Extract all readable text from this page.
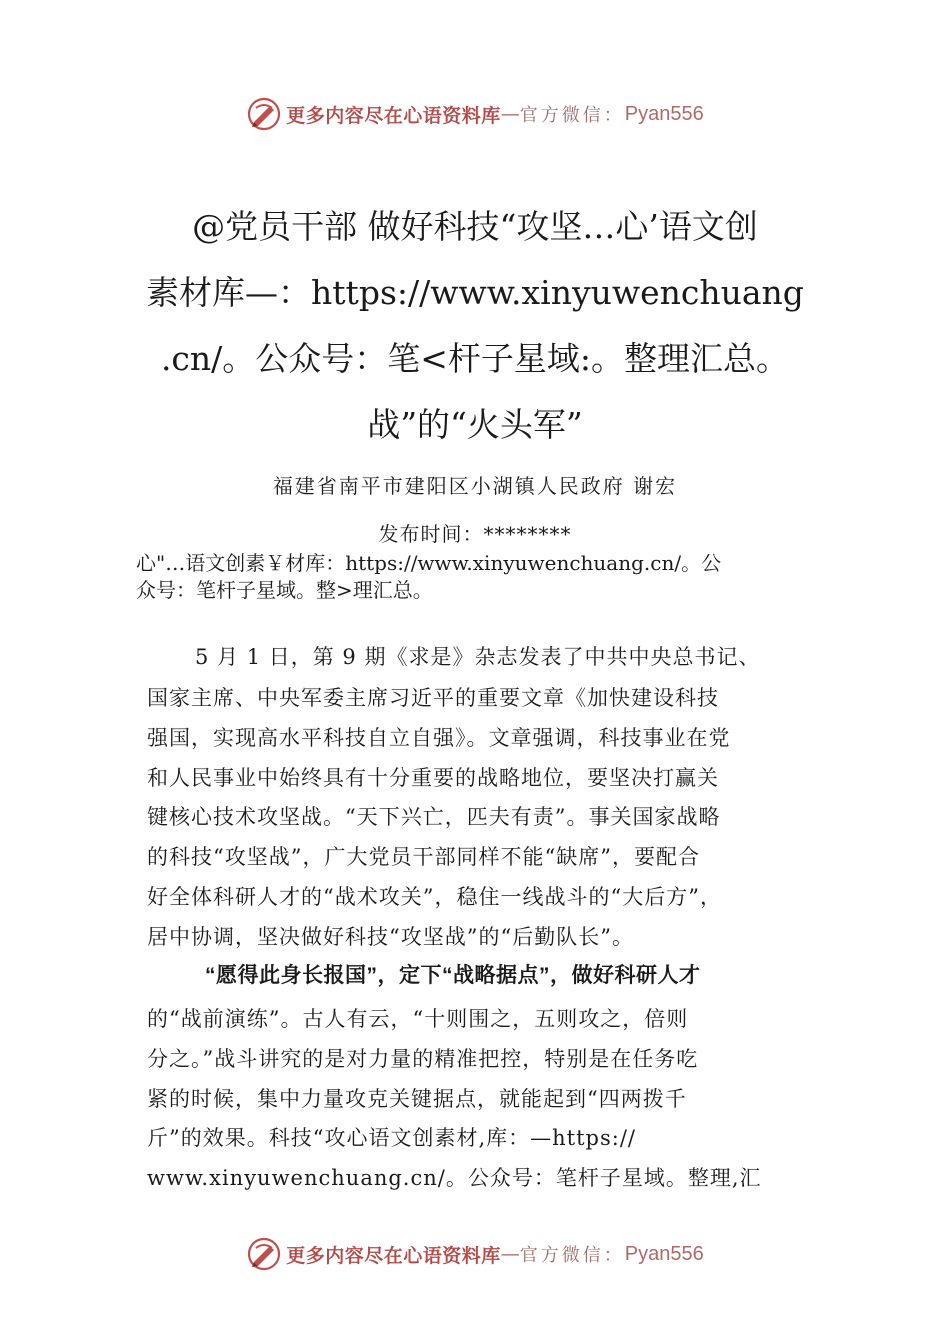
更多内容尽在心语资料库 — 官方微信： Pyan556
@党员干部 做好科技“攻坚…心’语文创
素材库—：https://www.xinyuwenchuang
.cn/。公众号：笔<杆子星域:。整理汇总。
战”的“火头军”
福建省南平市建阳区小湖镇人民政府 谢宏
发布时间：********
心"…语文创素￥材库：https://www.xinyuwenchuang.cn/。公
众号：笔杆子星域。整>理汇总。
5 月 1 日，第 9 期《求是》杂志发表了中共中央总书记、
国家主席、中央军委主席习近平的重要文章《加快建设科技
强国，实现高水平科技自立自强》。文章强调，科技事业在党
和人民事业中始终具有十分重要的战略地位，要坚决打赢关
键核心技术攻坚战。“天下兴亡，匹夫有责”。事关国家战略
的科技“攻坚战”，广大党员干部同样不能“缺席”，要配合
好全体科研人才的“战术攻关”，稳住一线战斗的“大后方”，
居中协调，坚决做好科技“攻坚战”的“后勤队长”。
“愿得此身长报国”，定下“战略据点”，做好科研人才
的“战前演练”。古人有云，“十则围之，五则攻之，倍则
分之。”战斗讲究的是对力量的精准把控，特别是在任务吃
紧的时候，集中力量攻克关键据点，就能起到“四两拨千
斤”的效果。科技“攻心语文创素材,库：—https://
www.xinyuwenchuang.cn/。公众号：笔杆子星域。整理,汇
更多内容尽在心语资料库 — 官方微信： Pyan556
